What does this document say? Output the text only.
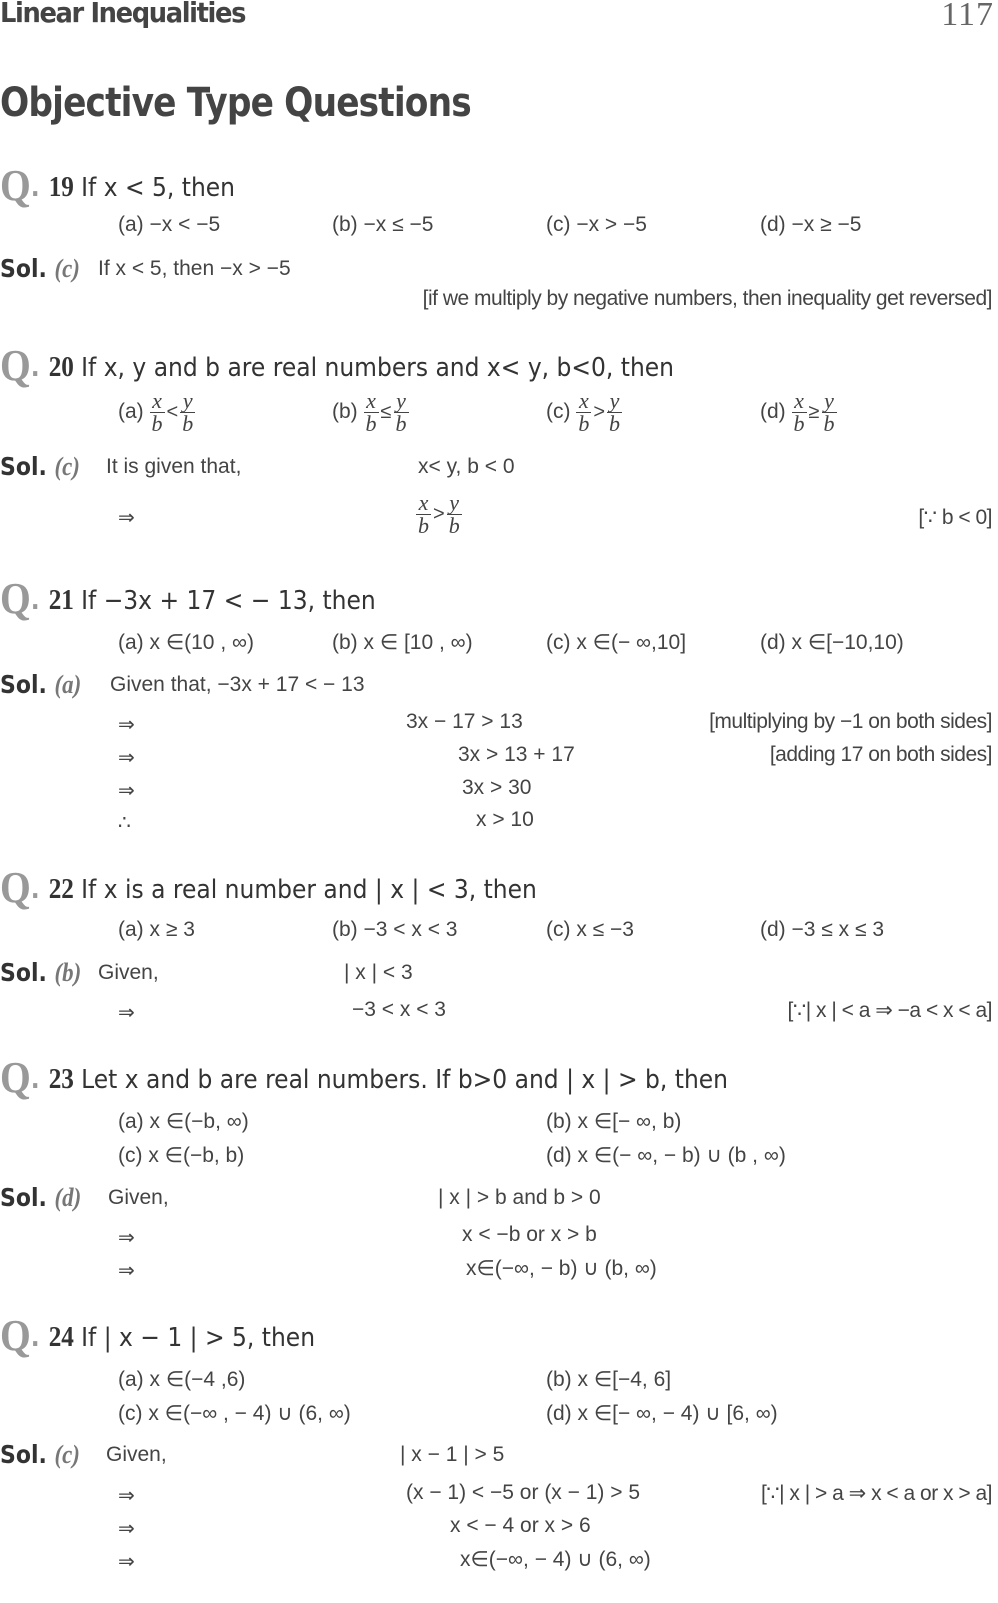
Linear Inequalities	117
Objective Type Questions
Q. 19 If x < 5, then
(a) −x < −5	(b) −x ≤ −5	(c) −x > −5	(d) −x ≥ −5
Sol. (c) If x < 5, then −x > −5
[if we multiply by negative numbers, then inequality get reversed]
Q. 20 If x, y and b are real numbers and x< y, b<0, then
$(a) \frac{x}{b} < \frac{y}{b}$	$(b) \frac{x}{b} \le \frac{y}{b}$	$(c) \frac{x}{b} > \frac{y}{b}$	$(d) \frac{x}{b} \ge \frac{y}{b}$
Sol. (c) It is given that,	x< y, b < 0
⇒	$\frac{x}{b} > \frac{y}{b}$	[∵ b < 0]
Q. 21 If −3x + 17 < − 13, then
(a) x ∈(10 , ∞)	(b) x ∈ [10 , ∞)	(c) x ∈(− ∞,10]	(d) x ∈[−10,10)
Sol. (a) Given that, −3x + 17 < − 13
⇒	3x − 17 > 13	[multiplying by −1 on both sides]
⇒	3x > 13 + 17	[adding 17 on both sides]
⇒	3x > 30
∴	x > 10
Q. 22 If x is a real number and | x | < 3, then
(a) x ≥ 3	(b) −3 < x < 3	(c) x ≤ −3	(d) −3 ≤ x ≤ 3
Sol. (b) Given,	| x | < 3
⇒	−3 < x < 3	[∵| x | < a ⇒ −a < x < a]
Q. 23 Let x and b are real numbers. If b>0 and | x | > b, then
(a) x ∈(−b, ∞)	(b) x ∈[− ∞, b)
(c) x ∈(−b, b)	(d) x ∈(− ∞, − b) ∪ (b , ∞)
Sol. (d) Given,	| x | > b and b > 0
⇒	x < −b or x > b
⇒	x∈(−∞, − b) ∪ (b, ∞)
Q. 24 If | x − 1 | > 5, then
(a) x ∈(−4 ,6)	(b) x ∈[−4, 6]
(c) x ∈(−∞ , − 4) ∪ (6, ∞)	(d) x ∈[− ∞, − 4) ∪ [6, ∞)
Sol. (c) Given,	| x − 1 | > 5
⇒	(x − 1) < −5 or (x − 1) > 5	[∵| x | > a ⇒ x < a or x > a]
⇒	x < − 4 or x > 6
⇒	x∈(−∞, − 4) ∪ (6, ∞)
